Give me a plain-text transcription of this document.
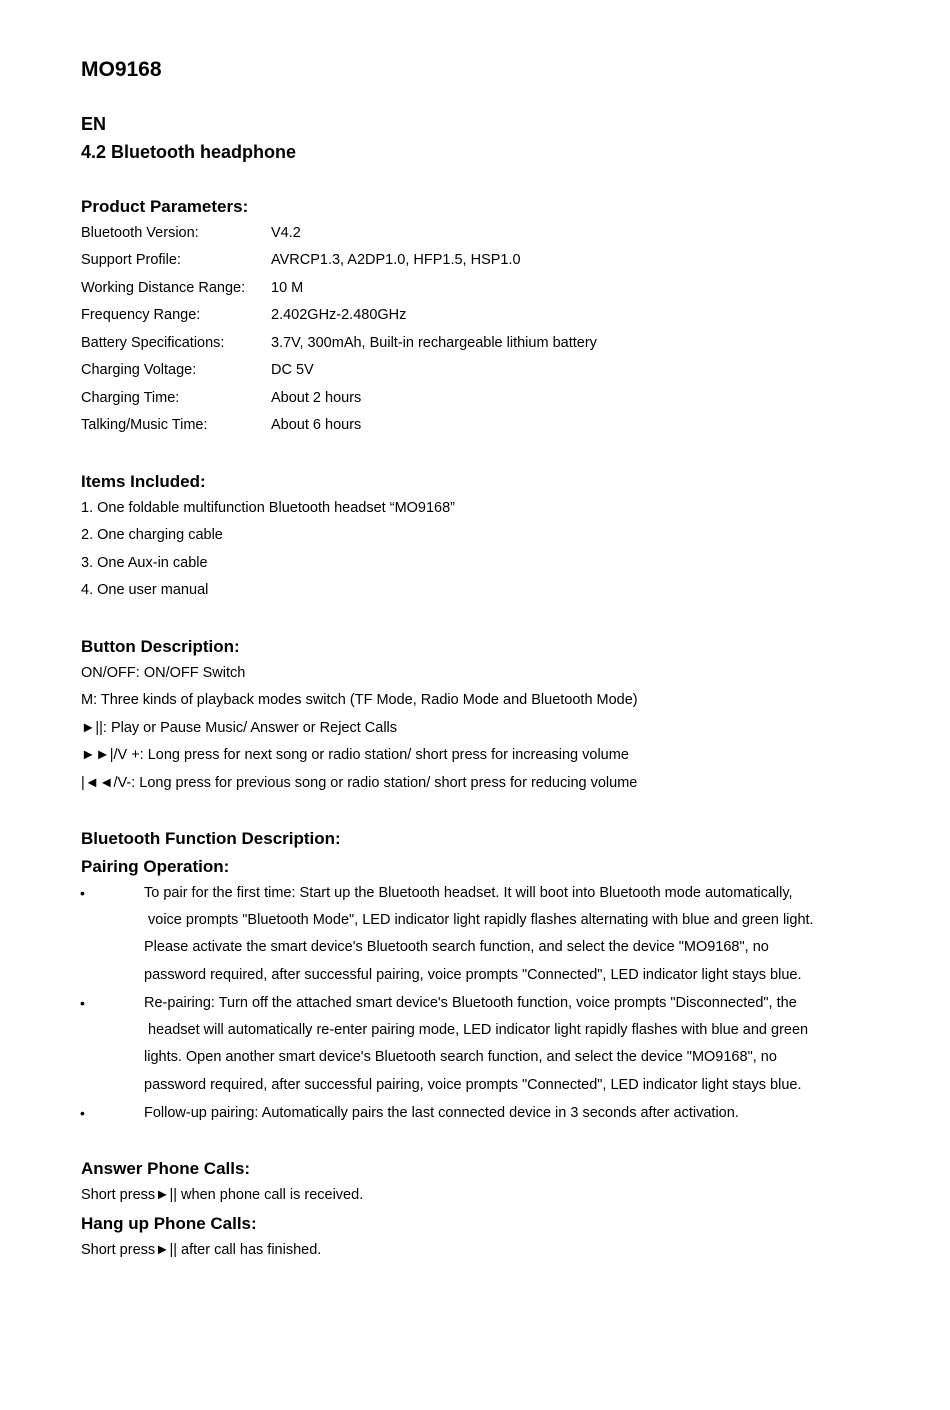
MO9168
EN
4.2 Bluetooth headphone
Product Parameters:
Bluetooth Version:	V4.2
Support Profile:	AVRCP1.3, A2DP1.0, HFP1.5, HSP1.0
Working Distance Range: 10 M
Frequency Range:	2.402GHz-2.480GHz
Battery Specifications:	3.7V, 300mAh, Built-in rechargeable lithium battery
Charging Voltage:	DC 5V
Charging Time:	About 2 hours
Talking/Music Time:	About 6 hours
Items Included:
1. One foldable multifunction Bluetooth headset “MO9168”
2. One charging cable
3. One Aux-in cable
4. One user manual
Button Description:
ON/OFF: ON/OFF Switch
M: Three kinds of playback modes switch (TF Mode, Radio Mode and Bluetooth Mode)
►||: Play or Pause Music/ Answer or Reject Calls
►►|/V +: Long press for next song or radio station/ short press for increasing volume
|◄◄/V-: Long press for previous song or radio station/ short press for reducing volume
Bluetooth Function Description:
Pairing Operation:
•	To pair for the first time: Start up the Bluetooth headset. It will boot into Bluetooth mode automatically,
voice prompts "Bluetooth Mode", LED indicator light rapidly flashes alternating with blue and green light.
Please activate the smart device's Bluetooth search function, and select the device "MO9168", no
password required, after successful pairing, voice prompts "Connected", LED indicator light stays blue.
•	Re-pairing: Turn off the attached smart device's Bluetooth function, voice prompts "Disconnected", the
headset will automatically re-enter pairing mode, LED indicator light rapidly flashes with blue and green
lights. Open another smart device's Bluetooth search function, and select the device "MO9168", no
password required, after successful pairing, voice prompts "Connected", LED indicator light stays blue.
•	Follow-up pairing: Automatically pairs the last connected device in 3 seconds after activation.
Answer Phone Calls:
Short press►|| when phone call is received.
Hang up Phone Calls:
Short press►|| after call has finished.
